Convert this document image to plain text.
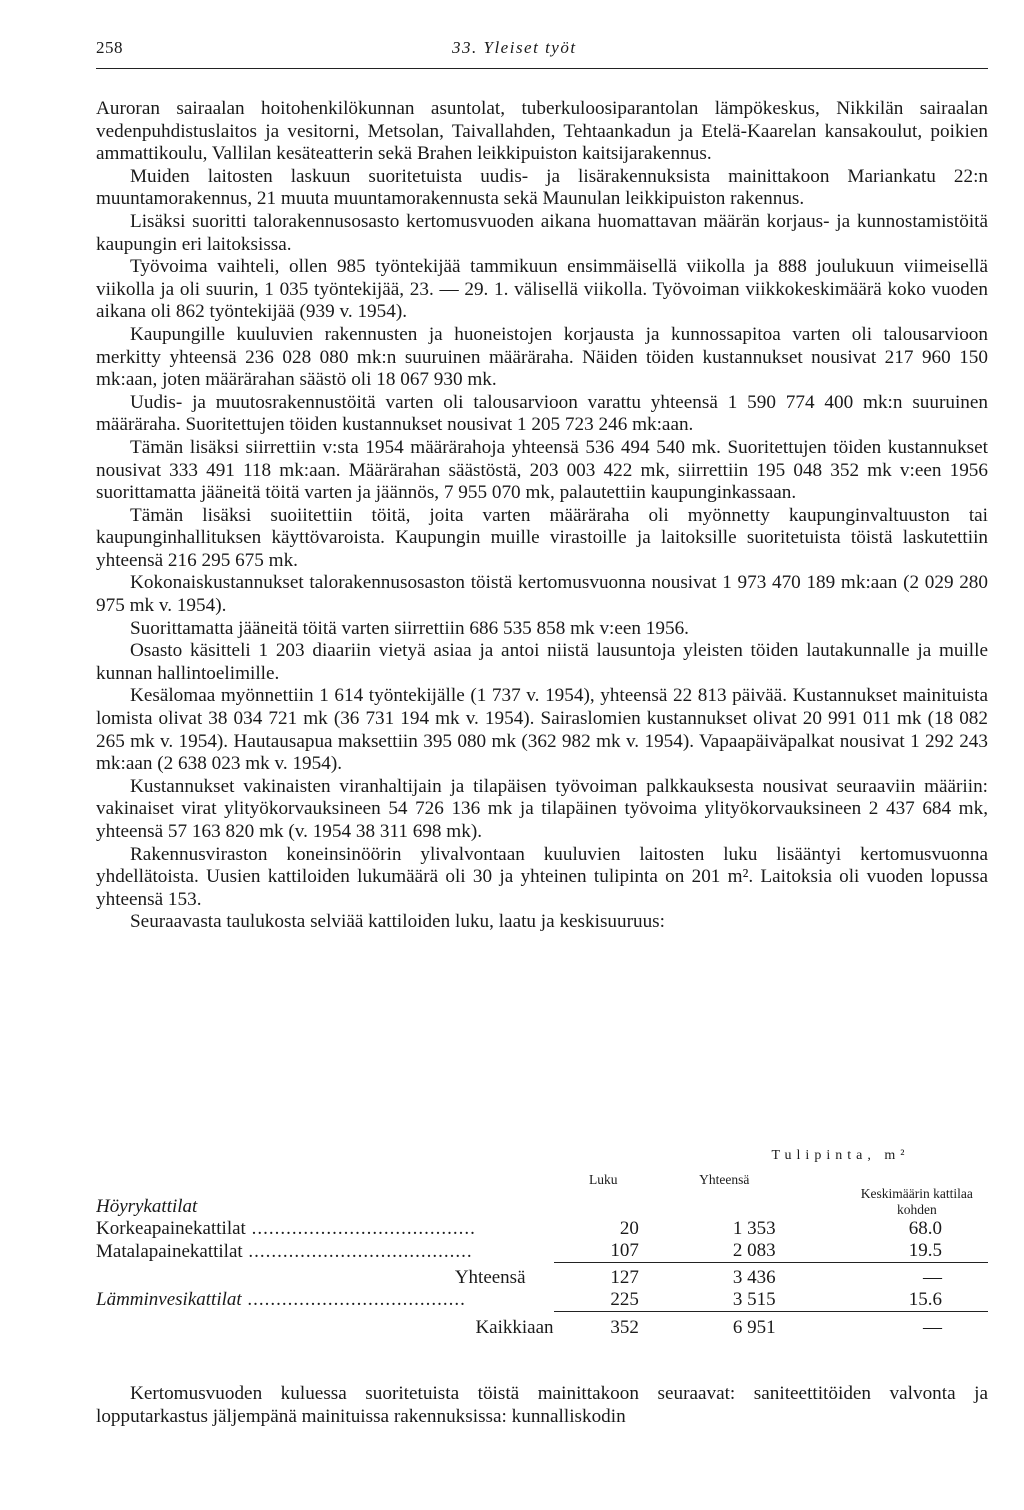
258	33. Yleiset työt

Auroran sairaalan hoitohenkilökunnan asuntolat, tuberkuloosiparantolan lämpökeskus, Nikkilän sairaalan vedenpuhdistuslaitos ja vesitorni, Metsolan, Taivallahden, Tehtaankadun ja Etelä-Kaarelan kansakoulut, poikien ammattikoulu, Vallilan kesäteatterin sekä Brahen leikkipuiston kaitsijarakennus.

Muiden laitosten laskuun suoritetuista uudis- ja lisärakennuksista mainittakoon Mariankatu 22:n muuntamorakennus, 21 muuta muuntamorakennusta sekä Maunulan leikkipuiston rakennus.

Lisäksi suoritti talorakennusosasto kertomusvuoden aikana huomattavan määrän korjaus- ja kunnostamistöitä kaupungin eri laitoksissa.

Työvoima vaihteli, ollen 985 työntekijää tammikuun ensimmäisellä viikolla ja 888 joulukuun viimeisellä viikolla ja oli suurin, 1 035 työntekijää, 23. — 29. 1. välisellä viikolla. Työvoiman viikkokeskimäärä koko vuoden aikana oli 862 työntekijää (939 v. 1954).

Kaupungille kuuluvien rakennusten ja huoneistojen korjausta ja kunnossapitoa varten oli talousarvioon merkitty yhteensä 236 028 080 mk:n suuruinen määräraha. Näiden töiden kustannukset nousivat 217 960 150 mk:aan, joten määrärahan säästö oli 18 067 930 mk.

Uudis- ja muutosrakennustöitä varten oli talousarvioon varattu yhteensä 1 590 774 400 mk:n suuruinen määräraha. Suoritettujen töiden kustannukset nousivat 1 205 723 246 mk:aan.

Tämän lisäksi siirrettiin v:sta 1954 määrärahoja yhteensä 536 494 540 mk. Suoritettujen töiden kustannukset nousivat 333 491 118 mk:aan. Määrärahan säästöstä, 203 003 422 mk, siirrettiin 195 048 352 mk v:een 1956 suorittamatta jääneitä töitä varten ja jäännös, 7 955 070 mk, palautettiin kaupunginkassaan.

Tämän lisäksi suoiitettiin töitä, joita varten määräraha oli myönnetty kaupunginvaltuuston tai kaupunginhallituksen käyttövaroista. Kaupungin muille virastoille ja laitoksille suoritetuista töistä laskutettiin yhteensä 216 295 675 mk.

Kokonaiskustannukset talorakennusosaston töistä kertomusvuonna nousivat 1 973 470 189 mk:aan (2 029 280 975 mk v. 1954).

Suorittamatta jääneitä töitä varten siirrettiin 686 535 858 mk v:een 1956.

Osasto käsitteli 1 203 diaariin vietyä asiaa ja antoi niistä lausuntoja yleisten töiden lautakunnalle ja muille kunnan hallintoelimille.

Kesälomaa myönnettiin 1 614 työntekijälle (1 737 v. 1954), yhteensä 22 813 päivää. Kustannukset mainituista lomista olivat 38 034 721 mk (36 731 194 mk v. 1954). Sairaslomien kustannukset olivat 20 991 011 mk (18 082 265 mk v. 1954). Hautausapua maksettiin 395 080 mk (362 982 mk v. 1954). Vapaapäiväpalkat nousivat 1 292 243 mk:aan (2 638 023 mk v. 1954).

Kustannukset vakinaisten viranhaltijain ja tilapäisen työvoiman palkkauksesta nousivat seuraaviin määriin: vakinaiset virat ylityökorvauksineen 54 726 136 mk ja tilapäinen työvoima ylityökorvauksineen 2 437 684 mk, yhteensä 57 163 820 mk (v. 1954 38 311 698 mk).

Rakennusviraston koneinsinöörin ylivalvontaan kuuluvien laitosten luku lisääntyi kertomusvuonna yhdellätoista. Uusien kattiloiden lukumäärä oli 30 ja yhteinen tulipinta on 201 m². Laitoksia oli vuoden lopussa yhteensä 153.

Seuraavasta taulukosta selviää kattiloiden luku, laatu ja keskisuuruus:

		Tulipinta, m²	
	Luku	Yhteensä	Keskimäärin kattilaa kohden

Höyrykattilat			
Korkeapainekattilat .......................................	20	1 353	68.0
Matalapainekattilat .......................................	107	2 083	19.5
Yhteensä	127	3 436	—
Lämminvesikattilat ......................................	225	3 515	15.6
Kaikkiaan	352	6 951	—

Kertomusvuoden kuluessa suoritetuista töistä mainittakoon seuraavat: saniteettitöiden valvonta ja lopputarkastus jäljempänä mainituissa rakennuksissa: kunnalliskodin
